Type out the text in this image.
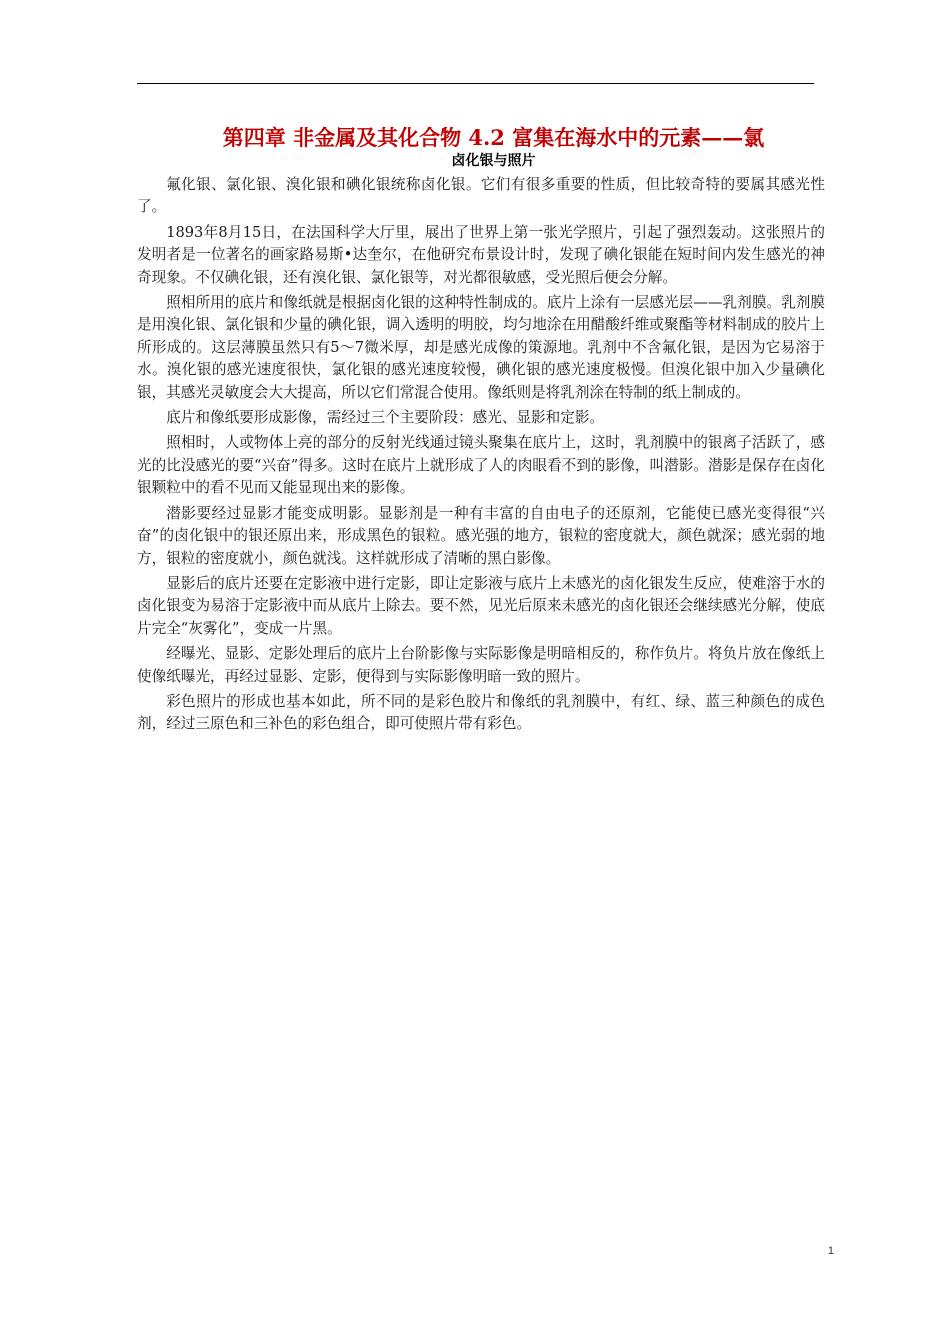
第四章 非金属及其化合物 4.2 富集在海水中的元素——氯
卤化银与照片

氟化银、氯化银、溴化银和碘化银统称卤化银。它们有很多重要的性质，但比较奇特的要属其感光性了。

1893年8月15日，在法国科学大厅里，展出了世界上第一张光学照片，引起了强烈轰动。这张照片的发明者是一位著名的画家路易斯•达奎尔，在他研究布景设计时，发现了碘化银能在短时间内发生感光的神奇现象。不仅碘化银，还有溴化银、氯化银等，对光都很敏感，受光照后便会分解。

照相所用的底片和像纸就是根据卤化银的这种特性制成的。底片上涂有一层感光层——乳剂膜。乳剂膜是用溴化银、氯化银和少量的碘化银，调入透明的明胶，均匀地涂在用醋酸纤维或聚酯等材料制成的胶片上所形成的。这层薄膜虽然只有5～7微米厚，却是感光成像的策源地。乳剂中不含氟化银，是因为它易溶于水。溴化银的感光速度很快，氯化银的感光速度较慢，碘化银的感光速度极慢。但溴化银中加入少量碘化银，其感光灵敏度会大大提高，所以它们常混合使用。像纸则是将乳剂涂在特制的纸上制成的。

底片和像纸要形成影像，需经过三个主要阶段：感光、显影和定影。

照相时，人或物体上亮的部分的反射光线通过镜头聚集在底片上，这时，乳剂膜中的银离子活跃了，感光的比没感光的要“兴奋”得多。这时在底片上就形成了人的肉眼看不到的影像，叫潜影。潜影是保存在卤化银颗粒中的看不见而又能显现出来的影像。

潜影要经过显影才能变成明影。显影剂是一种有丰富的自由电子的还原剂，它能使已感光变得很“兴奋”的卤化银中的银还原出来，形成黑色的银粒。感光强的地方，银粒的密度就大，颜色就深；感光弱的地方，银粒的密度就小，颜色就浅。这样就形成了清晰的黑白影像。

显影后的底片还要在定影液中进行定影，即让定影液与底片上未感光的卤化银发生反应，使难溶于水的卤化银变为易溶于定影液中而从底片上除去。要不然，见光后原来未感光的卤化银还会继续感光分解，使底片完全“灰雾化”，变成一片黑。

经曝光、显影、定影处理后的底片上台阶影像与实际影像是明暗相反的，称作负片。将负片放在像纸上使像纸曝光，再经过显影、定影，便得到与实际影像明暗一致的照片。

彩色照片的形成也基本如此，所不同的是彩色胶片和像纸的乳剂膜中，有红、绿、蓝三种颜色的成色剂，经过三原色和三补色的彩色组合，即可使照片带有彩色。

1
